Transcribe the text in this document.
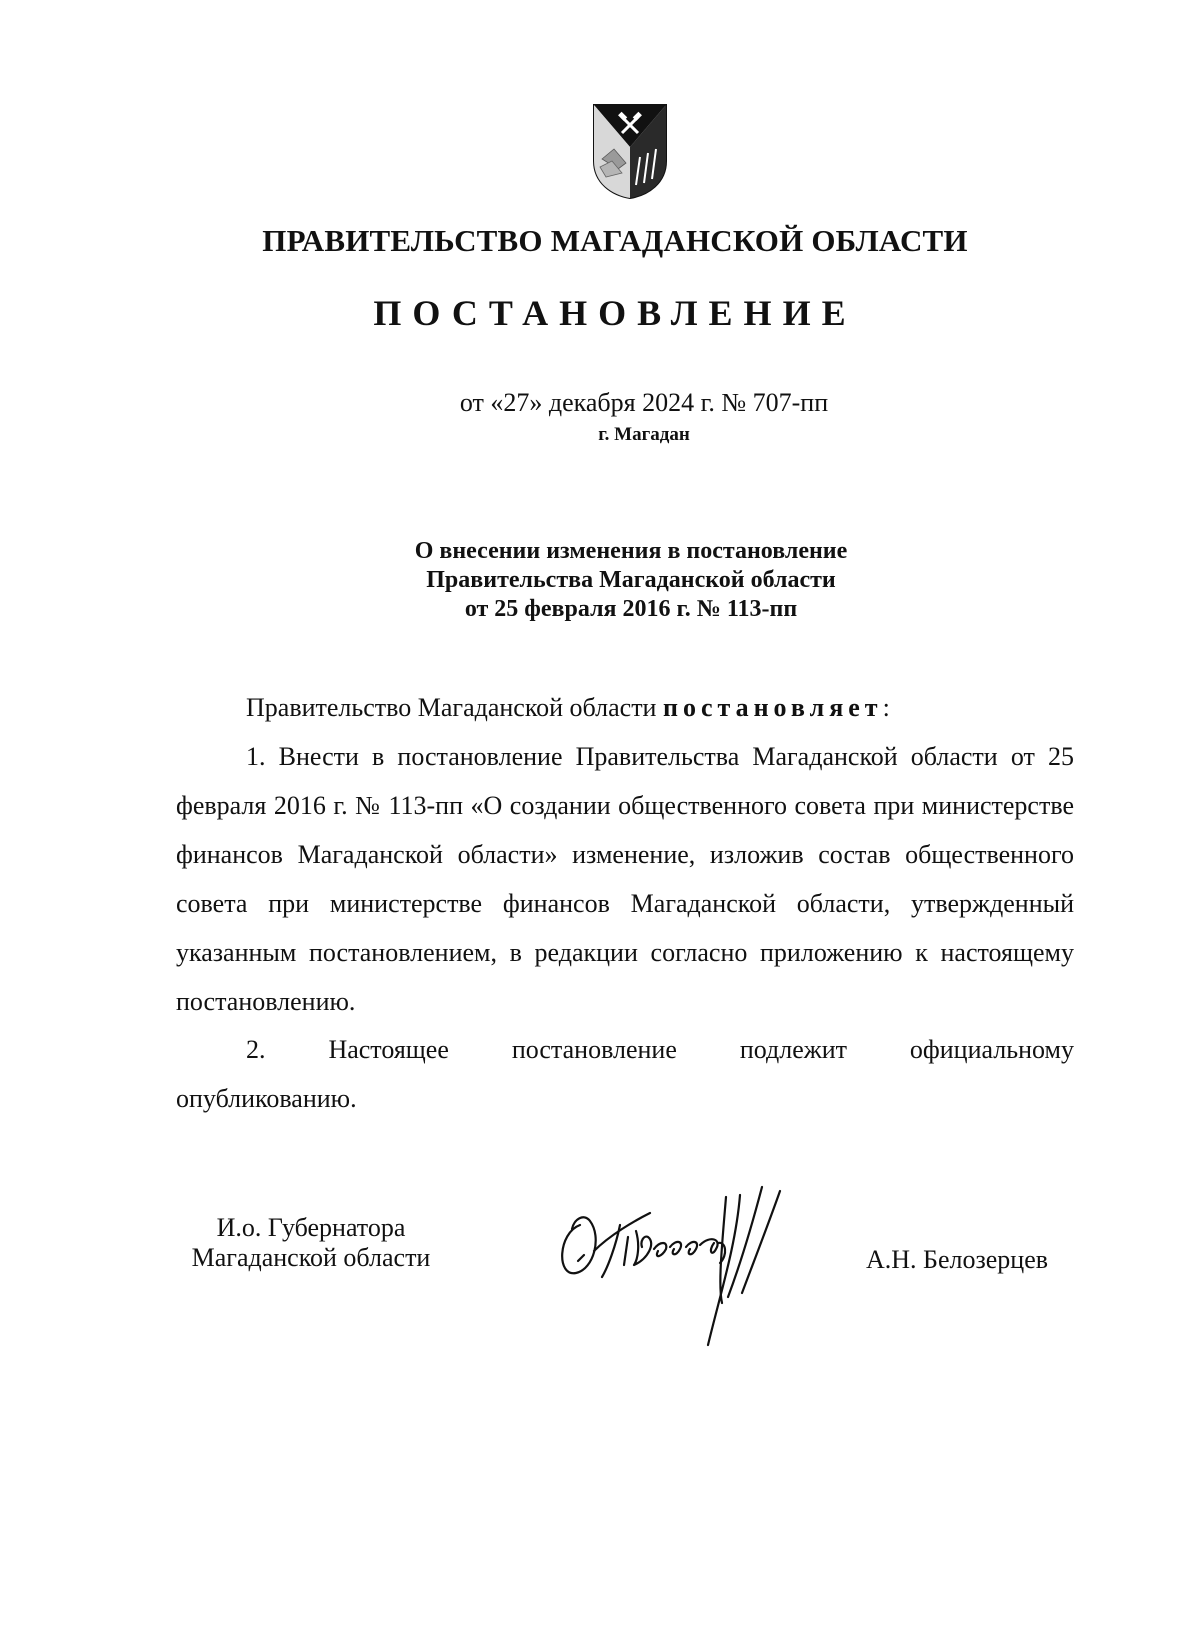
ПРАВИТЕЛЬСТВО МАГАДАНСКОЙ ОБЛАСТИ
ПОСТАНОВЛЕНИЕ
от «27» декабря 2024 г. № 707-пп
г. Магадан
О внесении изменения в постановление
Правительства Магаданской области
от 25 февраля 2016 г. № 113-пп
Правительство Магаданской области постановляет:
1. Внести в постановление Правительства Магаданской области от 25 февраля 2016 г. № 113-пп «О создании общественного совета при министерстве финансов Магаданской области» изменение, изложив состав общественного совета при министерстве финансов Магаданской области, утвержденный указанным постановлением, в редакции согласно приложению к настоящему постановлению.
2. Настоящее постановление подлежит официальному
опубликованию.
И.о. Губернатора
Магаданской области	А.Н. Белозерцев
